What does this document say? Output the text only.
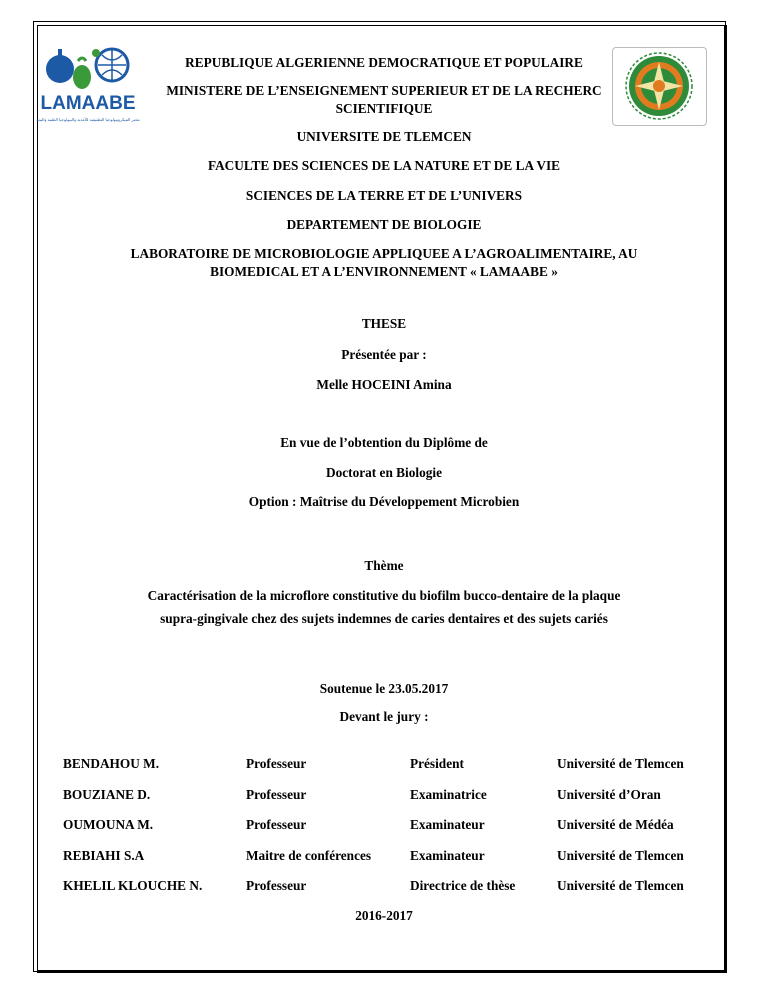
LAMAABE
مخبر الميكروبيولوجيا التطبيقية للأغذية والبيولوجيا الطبية والبيئة
REPUBLIQUE ALGERIENNE DEMOCRATIQUE ET POPULAIRE
MINISTERE DE L’ENSEIGNEMENT SUPERIEUR ET DE LA RECHERC
SCIENTIFIQUE
UNIVERSITE DE TLEMCEN
FACULTE DES SCIENCES DE LA NATURE ET DE LA VIE
SCIENCES DE LA TERRE ET DE L’UNIVERS
DEPARTEMENT DE BIOLOGIE
LABORATOIRE DE MICROBIOLOGIE APPLIQUEE A L’AGROALIMENTAIRE, AU
BIOMEDICAL ET A L’ENVIRONNEMENT « LAMAABE »
THESE
Présentée par :
Melle HOCEINI Amina
En vue de l’obtention du Diplôme de
Doctorat en Biologie
Option : Maîtrise du Développement Microbien
Thème
Caractérisation de la microflore constitutive du biofilm bucco-dentaire de la plaque
supra-gingivale chez des sujets indemnes de caries dentaires et des sujets cariés
Soutenue le 23.05.2017
Devant le jury :
BENDAHOU M.	Professeur	Président	Université de Tlemcen
BOUZIANE D.	Professeur	Examinatrice	Université d’Oran
OUMOUNA M.	Professeur	Examinateur	Université de Médéa
REBIAHI S.A	Maitre de conférences	Examinateur	Université de Tlemcen
KHELIL KLOUCHE N.	Professeur	Directrice de thèse	Université de Tlemcen
2016-2017
